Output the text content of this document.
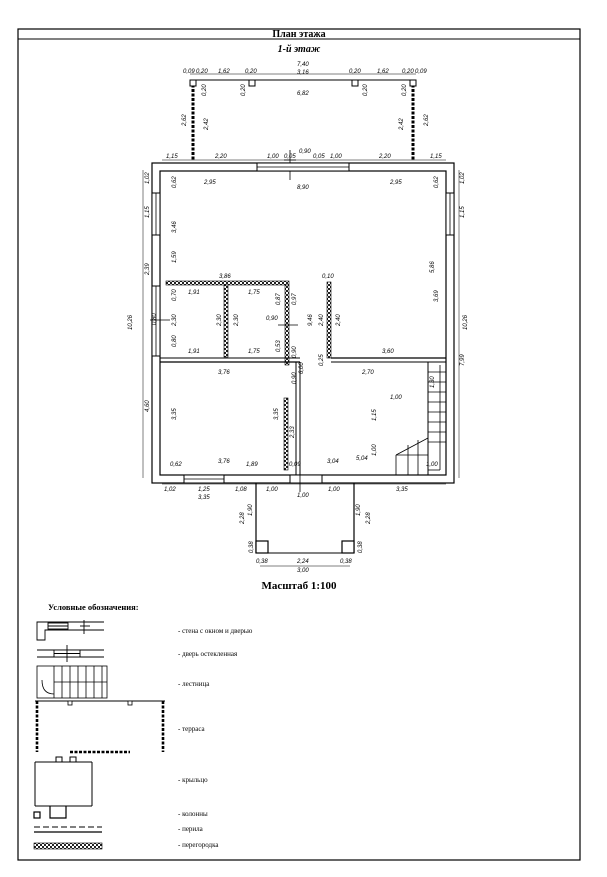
План этажа
1-й этаж
0,09 0,20 1,62	0,20
7,40
3,16	0,20	1,62 0,20 0,09
6,82
0,20	0,20	0,20	0,20
2,62	2,42	2,42	2,62
0,90
1,15	2,20	1,00 0,05	0,05 1,00	2,20	1,15
8,90
2,95	2,95
1,02	1,02
0,62	0,62
1,15	1,15
3,46
1,59
2,39	5,86
3,69
10,26	10,26
7,99
4,60
3,86	0,10
1,91	1,75
0,87 0,97
0,70
0,80 2,30	2,30 2,30	0,90	9,46 2,40 2,40
0,80
1,91	1,75	0,53
0,90
0,25
3,60
3,76	6,00
0,90	2,70
1,30
1,00
1,15
3,35	3,35
2,33
1,00
5,04
1,00
0,62	3,76	1,89	0,09	3,04
1,02	1,25	1,08	1,00	1,00	3,35
3,35	1,00
2,28
1,90	1,90
2,28
0,38	0,38
0,38	2,24	0,38
3,00
Масштаб 1:100
Условные обозначения:
- стена с окном и дверью
- дверь остекленная
- лестница
- терраса
- крыльцо
- колонны
- перила
- перегородка
